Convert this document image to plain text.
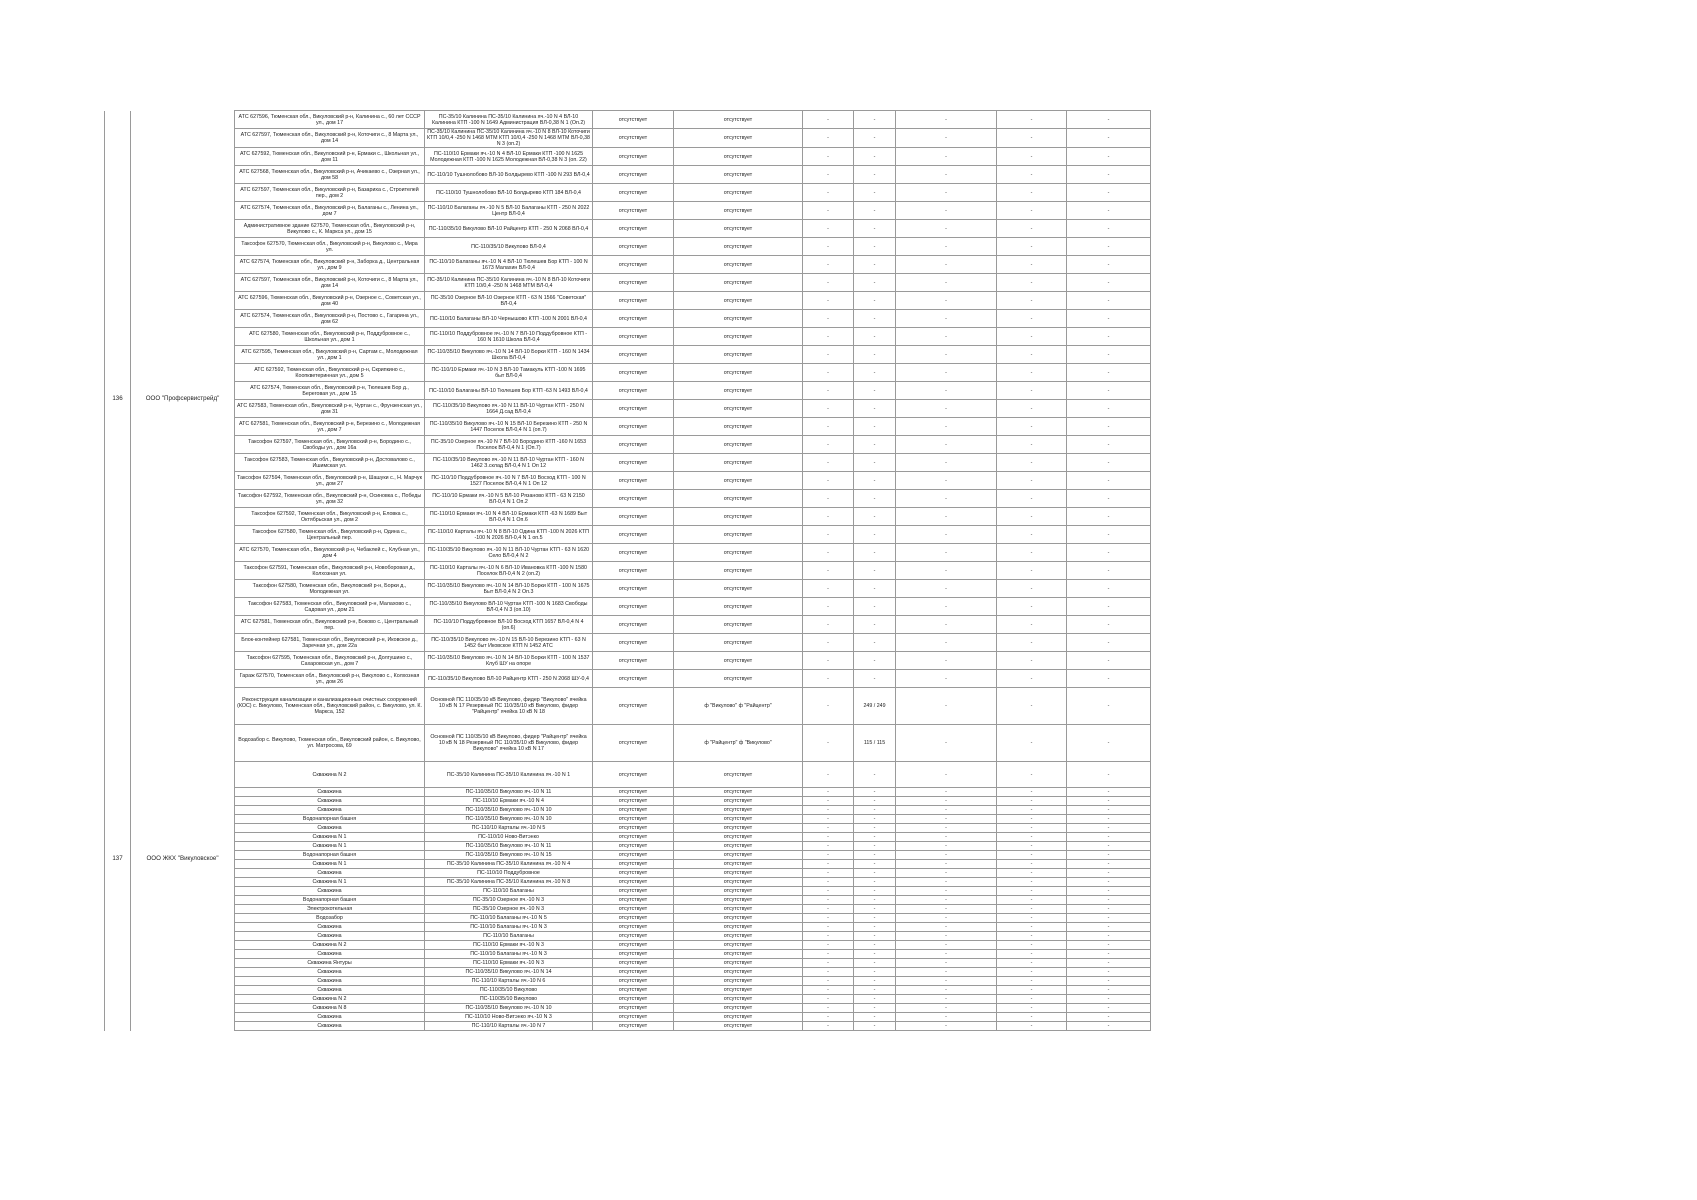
136	ООО "Профсервистрейд"	АТС 627596, Тюменская обл., Викуловский р-н, Калинина с., 60 лет СССР ул., дом 17	ПС-35/10 Калинина ПС-35/10 Калинина яч.-10 N 4 ВЛ-10 Калинина КТП -100 N 1649 Администрация ВЛ-0,38 N 1 (Оп.2)	отсутствует	отсутствует	-	-	-	-	-
		АТС 627597, Тюменская обл., Викуловский р-н, Коточиги с., 8 Марта ул., дом 14	ПС-35/10 Калинина ПС-35/10 Калинина яч.-10 N 8 ВЛ-10 Коточиги КТП 10/0,4 -250 N 1468 МТМ КТП 10/0,4 -250 N 1468 МТМ ВЛ-0,38 N 3 (оп.2)	отсутствует	отсутствует	-	-	-	-	-
		АТС 627592, Тюменская обл., Викуловский р-н, Ермаки с., Школьная ул., дом 11	ПС-110/10 Ермаки яч.-10 N 4 ВЛ-10 Ермаки КТП -100 N 1625 Молодежная КТП -100 N 1625 Молодежная ВЛ-0,38 N 3 (оп. 22)	отсутствует	отсутствует	-	-	-	-	-
		АТС 627568, Тюменская обл., Викуловский р-н, Ачикаево с., Озерная ул., дом 58	ПС-110/10 Тушнолобово ВЛ-10 Болдырево КТП -100 N 293 ВЛ-0,4	отсутствует	отсутствует	-	-	-	-	-
		АТС 627597, Тюменская обл., Викуловский р-н, Базариха с., Строителей пер., дом 2	ПС-110/10 Тушнолобово ВЛ-10 Болдырево КТП 184 ВЛ-0,4	отсутствует	отсутствует	-	-	-	-	-
		АТС 627574, Тюменская обл., Викуловский р-н, Балаганы с., Ленина ул., дом 7	ПС-110/10 Балаганы яч.-10 N 5 ВЛ-10 Балаганы КТП - 250 N 2022 Центр ВЛ-0,4	отсутствует	отсутствует	-	-	-	-	-
		Административное здание 627570, Тюменская обл., Викуловский р-н, Викулово с., К. Маркса ул., дом 15	ПС-110/35/10 Викулово ВЛ-10 Райцентр КТП - 250 N 2068 ВЛ-0,4	отсутствует	отсутствует	-	-	-	-	-
		Таксофон 627570, Тюменская обл., Викуловский р-н, Викулово с., Мира ул.	ПС-110/35/10 Викулово ВЛ-0,4	отсутствует	отсутствует	-	-	-	-	-
		АТС 627574, Тюменская обл., Викуловский р-н, Заборка д., Центральная ул., дом 9	ПС-110/10 Балаганы яч.-10 N 4 ВЛ-10 Тюлешев Бор КТП - 100 N 1673 Малахин ВЛ-0,4	отсутствует	отсутствует	-	-	-	-	-
		АТС 627597, Тюменская обл., Викуловский р-н, Коточиги с., 8 Марта ул., дом 14	ПС-35/10 Калинина ПС-35/10 Калинина яч.-10 N 8 ВЛ-10 Коточиги КТП 10/0,4 -250 N 1468 МТМ ВЛ-0,4	отсутствует	отсутствует	-	-	-	-	-
		АТС 627596, Тюменская обл., Викуловский р-н, Озерное с., Советская ул., дом 40	ПС-35/10 Озерное ВЛ-10 Озерное КТП - 63 N 1566 "Советская" ВЛ-0,4	отсутствует	отсутствует	-	-	-	-	-
		АТС 627574, Тюменская обл., Викуловский р-н, Постово с., Гагарина ул., дом 62	ПС-110/10 Балаганы ВЛ-10 Чернышово КТП -100 N 2001 ВЛ-0,4	отсутствует	отсутствует	-	-	-	-	-
		АТС 627580, Тюменская обл., Викуловский р-н, Поддубровное с., Школьная ул., дом 1	ПС-110/10 Поддубровное яч.-10 N 7 ВЛ-10 Поддубровное КТП - 160 N 1610 Школа ВЛ-0,4	отсутствует	отсутствует	-	-	-	-	-
		АТС 627595, Тюменская обл., Викуловский р-н, Сартам с., Молодежная ул., дом 1	ПС-110/35/10 Викулово яч.-10 N 14 ВЛ-10 Борки КТП - 160 N 1434 Школа ВЛ-0,4	отсутствует	отсутствует	-	-	-	-	-
		АТС 627592, Тюменская обл., Викуловский р-н, Скрипкино с., Коопкветеринная ул., дом 5	ПС-110/10 Ермаки яч.-10 N 3 ВЛ-10 Тамакуль КТП -100 N 1695 быт ВЛ-0,4	отсутствует	отсутствует	-	-	-	-	-
		АТС 627574, Тюменская обл., Викуловский р-н, Тюлешев Бор д., Береговая ул., дом 15	ПС-110/10 Балаганы ВЛ-10 Тюлешев Бор КТП -63 N 1493 ВЛ-0,4	отсутствует	отсутствует	-	-	-	-	-
		АТС 627583, Тюменская обл., Викуловский р-н, Чуртан с., Фрунзенская ул., дом 31	ПС-110/35/10 Викулово яч.-10 N 11 ВЛ-10 Чуртан КТП - 250 N 1664 Д.сад ВЛ-0,4	отсутствует	отсутствует	-	-	-	-	-
		АТС 627581, Тюменская обл., Викуловский р-н, Березино с., Молодежная ул., дом 7	ПС-110/35/10 Викулово яч.-10 N 15 ВЛ-10 Березино КТП - 250 N 1447 Поселок ВЛ-0,4 N 1 (оп.7)	отсутствует	отсутствует	-	-	-	-	-
		Таксофон 627597, Тюменская обл., Викуловский р-н, Бородино с., Свободы ул., дом 16а	ПС-35/10 Озерное яч.-10 N 7 ВЛ-10 Бородино КТП -160 N 1653 Поселок ВЛ-0,4 N 1 (Оп.7)	отсутствует	отсутствует	-	-	-	-	-
		Таксофон 627583, Тюменская обл., Викуловский р-н, Достовалово с., Ишимская ул.	ПС-110/35/10 Викулово яч.-10 N 11 ВЛ-10 Чуртан КТП - 160 N 1462 З.склад ВЛ-0,4 N 1 Оп 12	отсутствует	отсутствует	-	-	-	-	-
		Таксофон 627594, Тюменская обл., Викуловский р-н, Шашуки с., Н. Марчук ул., дом 27	ПС-110/10 Поддубровное яч.-10 N 7 ВЛ-10 Восход КТП - 100 N 1527 Поселок ВЛ-0,4 N 1 Оп 12	отсутствует	отсутствует	-	-	-	-	-
		Таксофон 627592, Тюменская обл., Викуловский р-н, Осиновка с., Победы ул., дом 32	ПС-110/10 Ермаки яч.-10 N 5 ВЛ-10 Рязаново КТП - 63 N 2150 ВЛ-0,4 N 1 Оп.2	отсутствует	отсутствует	-	-	-	-	-
		Таксофон 627592, Тюменская обл., Викуловский р-н, Еловка с., Октябрьская ул., дом 2	ПС-110/10 Ермаки яч.-10 N 4 ВЛ-10 Ермаки КТП -63 N 1689 Быт ВЛ-0,4 N 1 Оп.6	отсутствует	отсутствует	-	-	-	-	-
		Таксофон 627580, Тюменская обл., Викуловский р-н, Одина с., Центральный пер.	ПС-110/10 Карталы яч.-10 N 8 ВЛ-10 Одина КТП -100 N 2026 КТП -100 N 2026 ВЛ-0,4 N 1 оп.5	отсутствует	отсутствует	-	-	-	-	-
		АТС 627570, Тюменская обл., Викуловский р-н, Чебаклей с., Клубная ул., дом 4	ПС-110/35/10 Викулово яч.-10 N 11 ВЛ-10 Чуртан КТП - 63 N 1620 Село ВЛ-0,4 N 2	отсутствует	отсутствует	-	-	-	-	-
		Таксофон 627591, Тюменская обл., Викуловский р-н, Новоборовая д., Колхозная ул.	ПС-110/10 Карталы яч.-10 N 6 ВЛ-10 Ивановка КТП -100 N 1580 Поселок ВЛ-0,4 N 2 (оп.2)	отсутствует	отсутствует	-	-	-	-	-
		Таксофон 627580, Тюменская обл., Викуловский р-н, Борки д., Молодежная ул.	ПС-110/35/10 Викулово яч.-10 N 14 ВЛ-10 Борки КТП - 100 N 1675 Быт ВЛ-0,4 N 2 Оп.3	отсутствует	отсутствует	-	-	-	-	-
		Таксофон 627583, Тюменская обл., Викуловский р-н, Малахово с., Садовая ул., дом 21	ПС-110/35/10 Викулово ВЛ-10 Чуртан КТП -100 N 1683 Свободы ВЛ-0,4 N 3 (оп.10)	отсутствует	отсутствует	-	-	-	-	-
		АТС 627581, Тюменская обл., Викуловский р-н, Боково с., Центральный пер.	ПС-110/10 Поддубровное ВЛ-10 Восход КТП 1657 ВЛ-0,4 N 4 (оп.6)	отсутствует	отсутствует	-	-	-	-	-
		Блок-контейнер 627581, Тюменская обл., Викуловский р-н, Иковское д., Заречная ул., дом 22а	ПС-110/35/10 Викулово яч.-10 N 15 ВЛ-10 Березино КТП - 63 N 1452 быт Иковское КТП N 1452 АТС	отсутствует	отсутствует	-	-	-	-	-
		Таксофон 627595, Тюменская обл., Викуловский р-н, Долгушино с., Сахаровская ул., дом 7	ПС-110/35/10 Викулово яч.-10 N 14 ВЛ-10 Борки КТП - 100 N 1537 Клуб ШУ на опоре	отсутствует	отсутствует	-	-	-	-	-
		Гараж 627570, Тюменская обл., Викуловский р-н, Викулово с., Колхозная ул., дом 26	ПС-110/35/10 Викулово ВЛ-10 Райцентр КТП - 250 N 2068 ШУ-0,4	отсутствует	отсутствует	-	-	-	-	-
137	ООО ЖКХ "Викуловское"	Реконструкция канализации и канализационных очистных сооружений (КОС) с. Викулово, Тюменская обл., Викуловский район, с. Викулово, ул. К. Маркса, 152	Основной ПС 110/35/10 кВ Викулово, фидер "Викулово" ячейка 10 кВ N 17 Резервный ПС 110/35/10 кВ Викулово, фидер "Райцентр" ячейка 10 кВ N 18	отсутствует	ф "Викулово" ф "Райцентр"	-	249 / 249	-	-	-
		Водозабор с. Викулово, Тюменская обл., Викуловский район, с. Викулово, ул. Матросова, 69	Основной ПС 110/35/10 кВ Викулово, фидер "Райцентр" ячейка 10 кВ N 18 Резервный ПС 110/35/10 кВ Викулово, фидер Викулово" ячейка 10 кВ N 17	отсутствует	ф "Райцентр" ф "Викулово"	-	115 / 115	-	-	-
		Скважина N 2	ПС-35/10 Калинина ПС-35/10 Калинина яч.-10 N 1	отсутствует	отсутствует	-	-	-	-	-
		Скважина	ПС-110/35/10 Викулово яч.-10 N 11	отсутствует	отсутствует	-	-	-	-	-
		Скважина	ПС-110/10 Ермаки яч.-10 N 4	отсутствует	отсутствует	-	-	-	-	-
		Скважина	ПС-110/35/10 Викулово яч.-10 N 10	отсутствует	отсутствует	-	-	-	-	-
		Водонапорная башня	ПС-110/35/10 Викулово яч.-10 N 10	отсутствует	отсутствует	-	-	-	-	-
		Скважина	ПС-110/10 Карталы яч.-10 N 5	отсутствует	отсутствует	-	-	-	-	-
		Скважина N 1	ПС-110/10 Ново-Витэнко	отсутствует	отсутствует	-	-	-	-	-
		Скважина N 1	ПС-110/35/10 Викулово яч.-10 N 11	отсутствует	отсутствует	-	-	-	-	-
		Водонапорная башня	ПС-110/35/10 Викулово яч.-10 N 15	отсутствует	отсутствует	-	-	-	-	-
		Скважина N 1	ПС-35/10 Калинина ПС-35/10 Калинина яч.-10 N 4	отсутствует	отсутствует	-	-	-	-	-
		Скважина	ПС-110/10 Поддубровное	отсутствует	отсутствует	-	-	-	-	-
		Скважина N 1	ПС-35/10 Калинина ПС-35/10 Калинина яч.-10 N 8	отсутствует	отсутствует	-	-	-	-	-
		Скважина	ПС-110/10 Балаганы	отсутствует	отсутствует	-	-	-	-	-
		Водонапорная башня	ПС-35/10 Озерное яч.-10 N 3	отсутствует	отсутствует	-	-	-	-	-
		Электрокотельная	ПС-35/10 Озерное яч.-10 N 3	отсутствует	отсутствует	-	-	-	-	-
		Водозабор	ПС-110/10 Балаганы яч.-10 N 5	отсутствует	отсутствует	-	-	-	-	-
		Скважина	ПС-110/10 Балаганы яч.-10 N 3	отсутствует	отсутствует	-	-	-	-	-
		Скважина	ПС-110/10 Балаганы	отсутствует	отсутствует	-	-	-	-	-
		Скважина N 2	ПС-110/10 Ермаки яч.-10 N 3	отсутствует	отсутствует	-	-	-	-	-
		Скважина	ПС-110/10 Балаганы яч.-10 N 3	отсутствует	отсутствует	-	-	-	-	-
		Скважина Янтуры	ПС-110/10 Ермаки яч.-10 N 3	отсутствует	отсутствует	-	-	-	-	-
		Скважина	ПС-110/35/10 Викулово яч.-10 N 14	отсутствует	отсутствует	-	-	-	-	-
		Скважина	ПС-110/10 Карталы яч.-10 N 6	отсутствует	отсутствует	-	-	-	-	-
		Скважина	ПС-110/35/10 Викулово	отсутствует	отсутствует	-	-	-	-	-
		Скважина N 2	ПС-110/35/10 Викулово	отсутствует	отсутствует	-	-	-	-	-
		Скважина N 8	ПС-110/35/10 Викулово яч.-10 N 10	отсутствует	отсутствует	-	-	-	-	-
		Скважина	ПС-110/10 Ново-Витэнко яч.-10 N 3	отсутствует	отсутствует	-	-	-	-	-
		Скважина	ПС-110/10 Карталы яч.-10 N 7	отсутствует	отсутствует	-	-	-	-	-
